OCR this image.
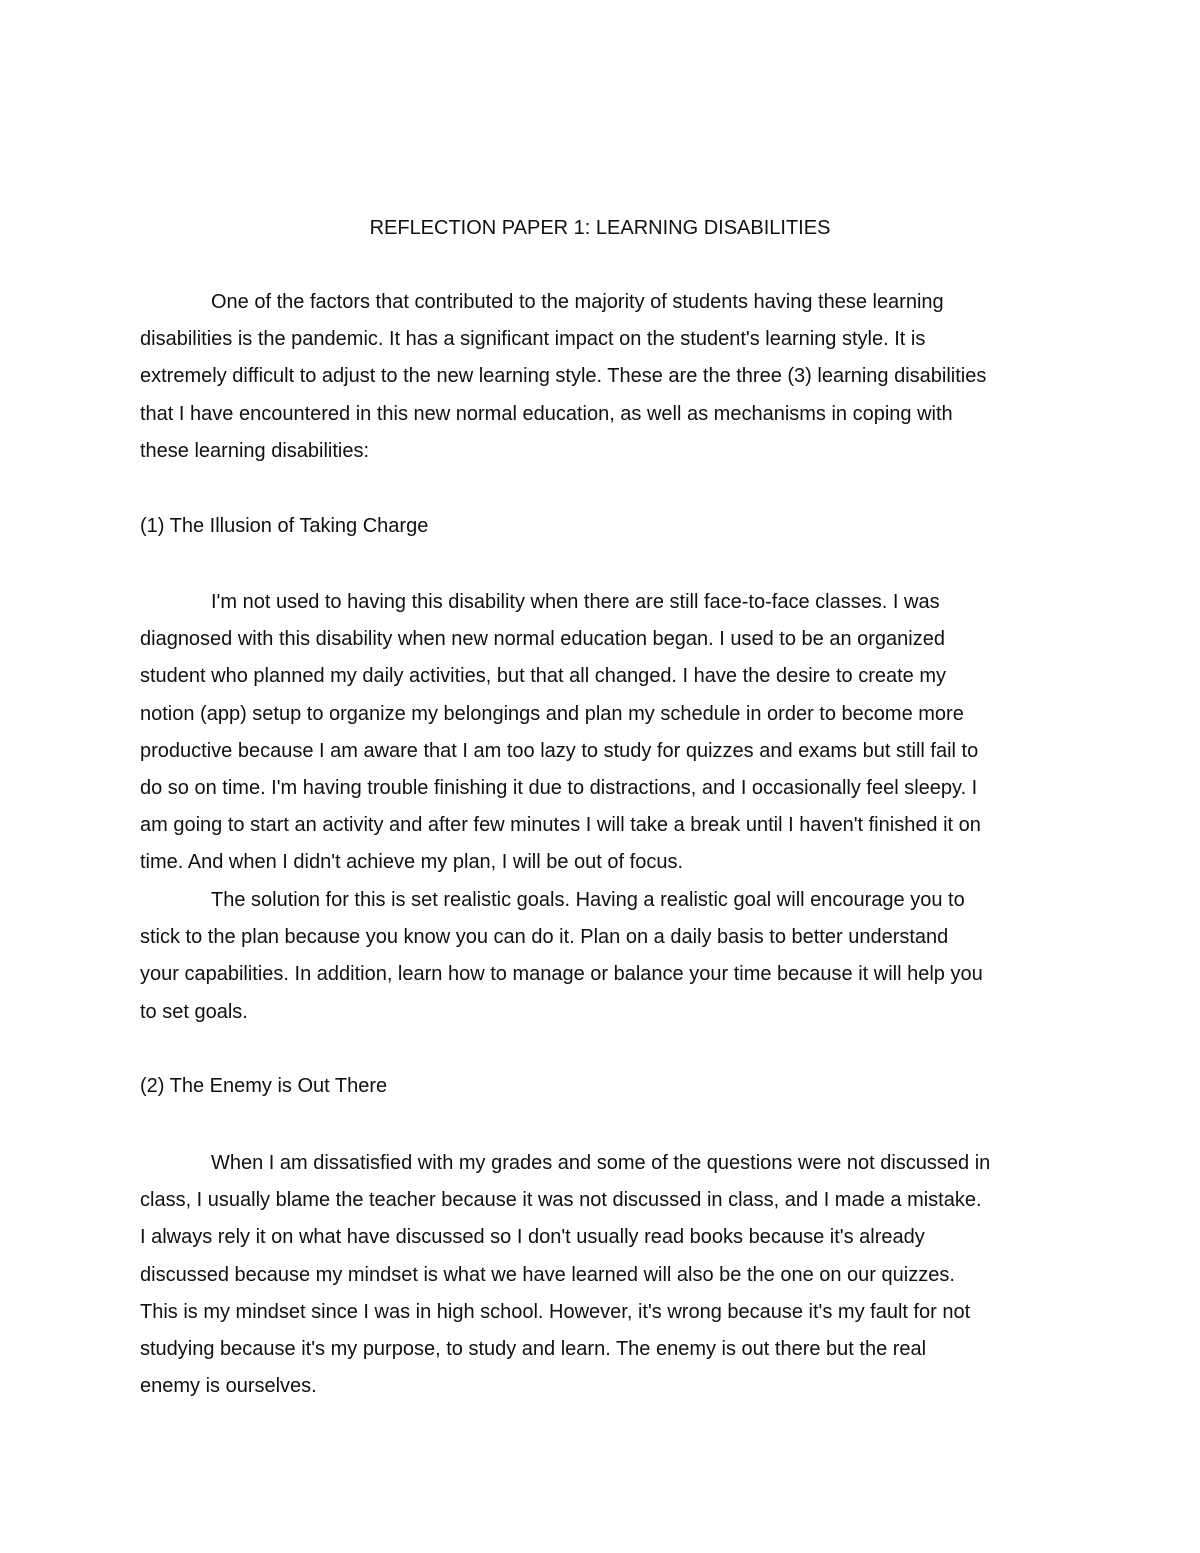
REFLECTION PAPER 1: LEARNING DISABILITIES

One of the factors that contributed to the majority of students having these learning
disabilities is the pandemic. It has a significant impact on the student's learning style. It is
extremely difficult to adjust to the new learning style. These are the three (3) learning disabilities
that I have encountered in this new normal education, as well as mechanisms in coping with
these learning disabilities:

(1) The Illusion of Taking Charge

I'm not used to having this disability when there are still face-to-face classes. I was
diagnosed with this disability when new normal education began. I used to be an organized
student who planned my daily activities, but that all changed. I have the desire to create my
notion (app) setup to organize my belongings and plan my schedule in order to become more
productive because I am aware that I am too lazy to study for quizzes and exams but still fail to
do so on time. I'm having trouble finishing it due to distractions, and I occasionally feel sleepy. I
am going to start an activity and after few minutes I will take a break until I haven't finished it on
time. And when I didn't achieve my plan, I will be out of focus.

The solution for this is set realistic goals. Having a realistic goal will encourage you to
stick to the plan because you know you can do it. Plan on a daily basis to better understand
your capabilities. In addition, learn how to manage or balance your time because it will help you
to set goals.

(2) The Enemy is Out There

When I am dissatisfied with my grades and some of the questions were not discussed in
class, I usually blame the teacher because it was not discussed in class, and I made a mistake.
I always rely it on what have discussed so I don't usually read books because it's already
discussed because my mindset is what we have learned will also be the one on our quizzes.
This is my mindset since I was in high school. However, it's wrong because it's my fault for not
studying because it's my purpose, to study and learn. The enemy is out there but the real
enemy is ourselves.
